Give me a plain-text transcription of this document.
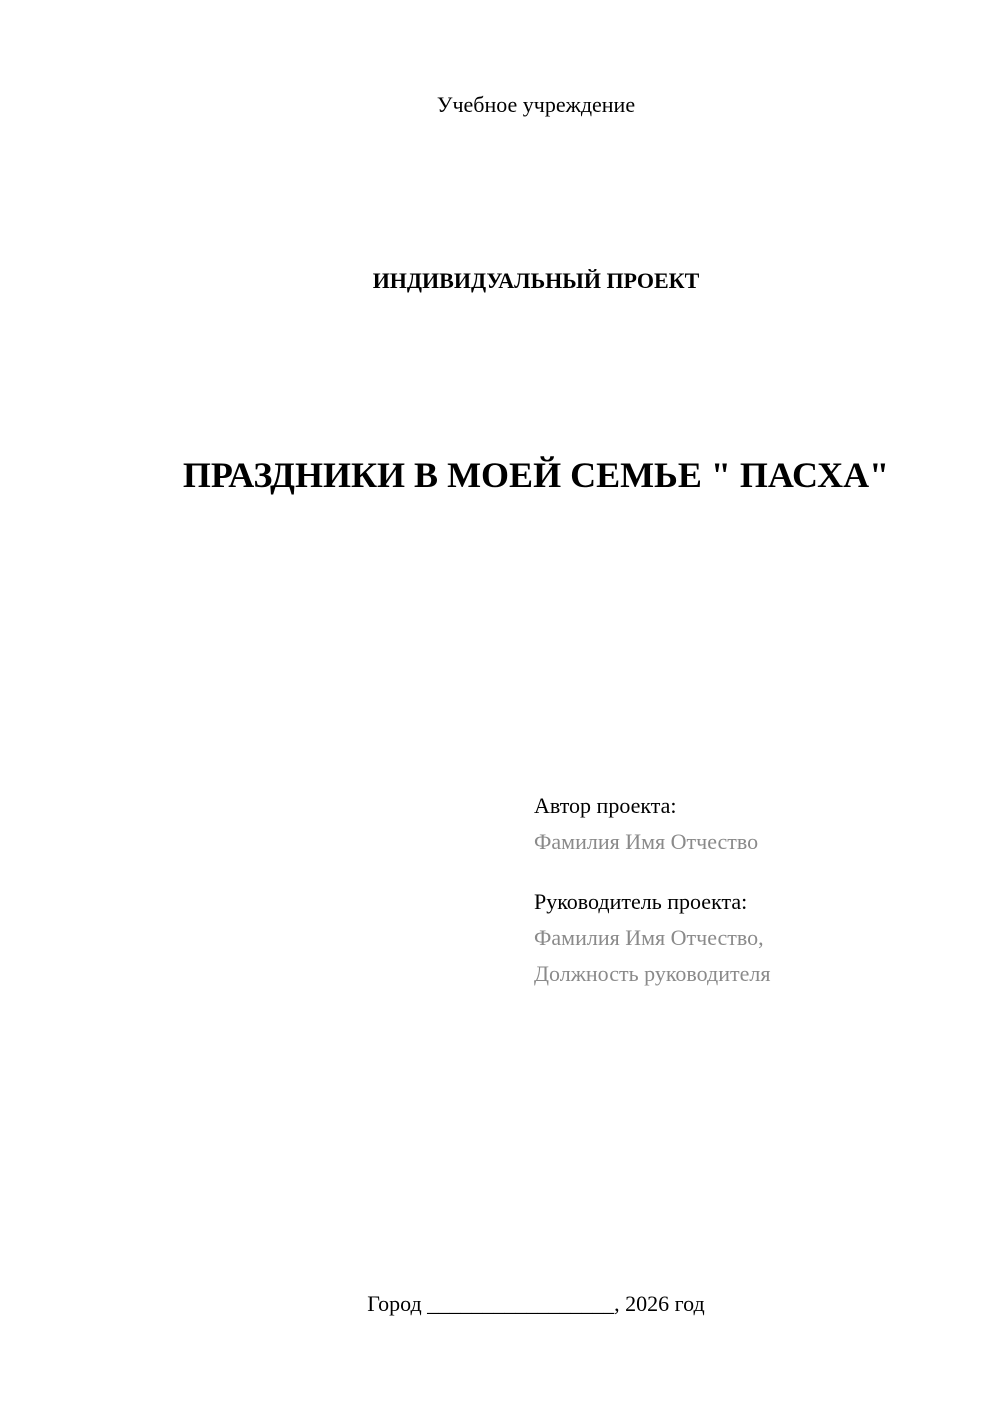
Учебное учреждение
ИНДИВИДУАЛЬНЫЙ ПРОЕКТ
ПРАЗДНИКИ В МОЕЙ СЕМЬЕ " ПАСХА"
Автор проекта:
Фамилия Имя Отчество
Руководитель проекта:
Фамилия Имя Отчество,
Должность руководителя
Город _________________, 2026 год
